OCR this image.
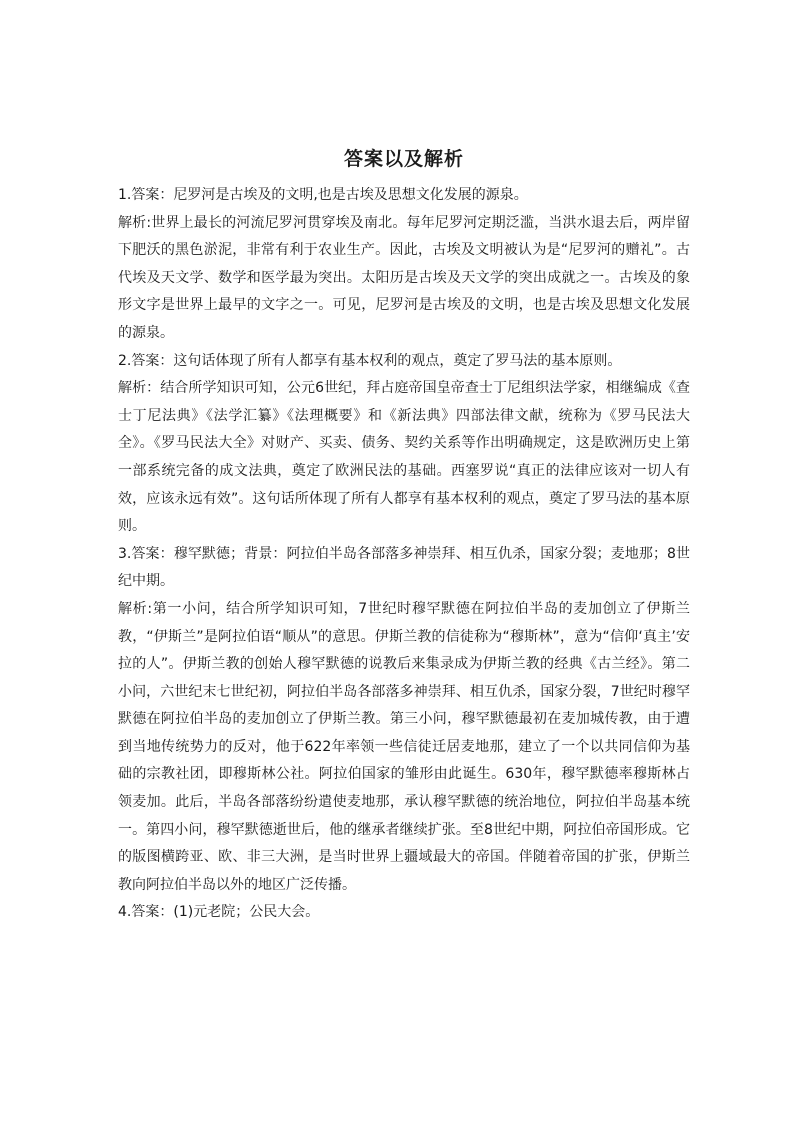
答案以及解析

1.答案：尼罗河是古埃及的文明,也是古埃及思想文化发展的源泉。

解析:世界上最长的河流尼罗河贯穿埃及南北。每年尼罗河定期泛滥，当洪水退去后，两岸留下肥沃的黑色淤泥，非常有利于农业生产。因此，古埃及文明被认为是“尼罗河的赠礼”。古代埃及天文学、数学和医学最为突出。太阳历是古埃及天文学的突出成就之一。古埃及的象形文字是世界上最早的文字之一。可见，尼罗河是古埃及的文明，也是古埃及思想文化发展的源泉。

2.答案：这句话体现了所有人都享有基本权利的观点，奠定了罗马法的基本原则。

解析：结合所学知识可知，公元6世纪，拜占庭帝国皇帝查士丁尼组织法学家，相继编成《查士丁尼法典》《法学汇纂》《法理概要》和《新法典》四部法律文献，统称为《罗马民法大全》。《罗马民法大全》对财产、买卖、债务、契约关系等作出明确规定，这是欧洲历史上第一部系统完备的成文法典，奠定了欧洲民法的基础。西塞罗说“真正的法律应该对一切人有效，应该永远有效”。这句话所体现了所有人都享有基本权利的观点，奠定了罗马法的基本原则。

3.答案：穆罕默德；背景：阿拉伯半岛各部落多神崇拜、相互仇杀，国家分裂；麦地那；8世纪中期。

解析:第一小问，结合所学知识可知，7世纪时穆罕默德在阿拉伯半岛的麦加创立了伊斯兰教，“伊斯兰”是阿拉伯语“顺从”的意思。伊斯兰教的信徒称为“穆斯林”，意为“信仰‘真主’安拉的人”。伊斯兰教的创始人穆罕默德的说教后来集录成为伊斯兰教的经典《古兰经》。第二小问，六世纪末七世纪初，阿拉伯半岛各部落多神崇拜、相互仇杀，国家分裂，7世纪时穆罕默德在阿拉伯半岛的麦加创立了伊斯兰教。第三小问，穆罕默德最初在麦加城传教，由于遭到当地传统势力的反对，他于622年率领一些信徒迁居麦地那，建立了一个以共同信仰为基础的宗教社团，即穆斯林公社。阿拉伯国家的雏形由此诞生。630年，穆罕默德率穆斯林占领麦加。此后，半岛各部落纷纷遣使麦地那，承认穆罕默德的统治地位，阿拉伯半岛基本统一。第四小问，穆罕默德逝世后，他的继承者继续扩张。至8世纪中期，阿拉伯帝国形成。它的版图横跨亚、欧、非三大洲，是当时世界上疆域最大的帝国。伴随着帝国的扩张，伊斯兰教向阿拉伯半岛以外的地区广泛传播。

4.答案：(1)元老院；公民大会。
